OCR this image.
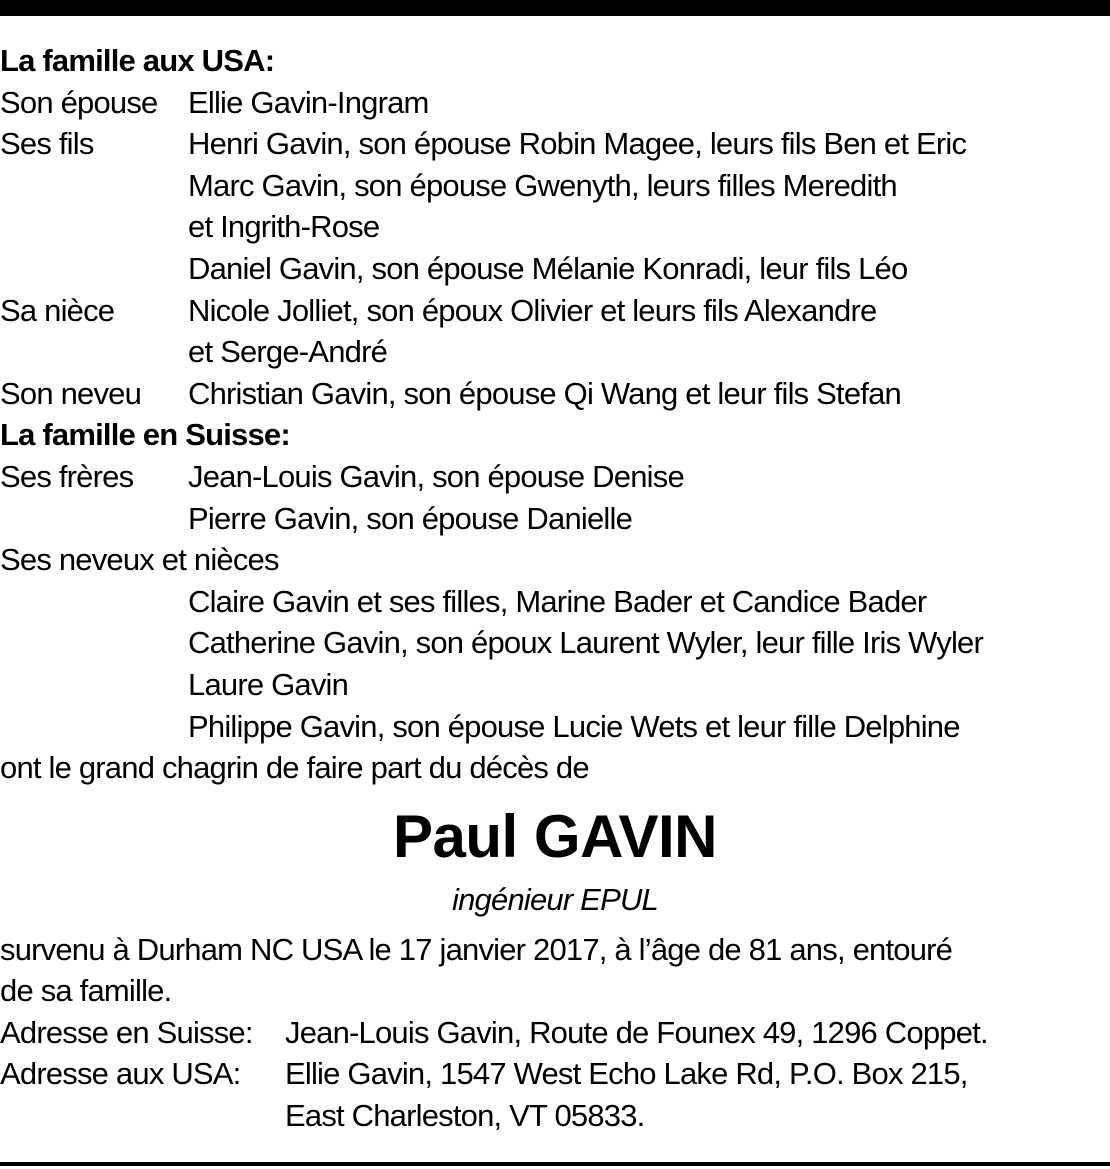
La famille aux USA:
Son épouse Ellie Gavin-Ingram
Ses fils	Henri Gavin, son épouse Robin Magee, leurs fils Ben et Eric
Marc Gavin, son épouse Gwenyth, leurs filles Meredith
et Ingrith-Rose
Daniel Gavin, son épouse Mélanie Konradi, leur fils Léo
Sa nièce	Nicole Jolliet, son époux Olivier et leurs fils Alexandre
et Serge-André
Son neveu	Christian Gavin, son épouse Qi Wang et leur fils Stefan
La famille en Suisse:
Ses frères	Jean-Louis Gavin, son épouse Denise
Pierre Gavin, son épouse Danielle
Ses neveux et nièces
Claire Gavin et ses filles, Marine Bader et Candice Bader
Catherine Gavin, son époux Laurent Wyler, leur fille Iris Wyler
Laure Gavin
Philippe Gavin, son épouse Lucie Wets et leur fille Delphine
ont le grand chagrin de faire part du décès de
Paul GAVIN
ingénieur EPUL
survenu à Durham NC USA le 17 janvier 2017, à l’âge de 81 ans, entouré
de sa famille.
Adresse en Suisse:	Jean-Louis Gavin, Route de Founex 49, 1296 Coppet.
Adresse aux USA:	Ellie Gavin, 1547 West Echo Lake Rd, P.O. Box 215,
East Charleston, VT 05833.
